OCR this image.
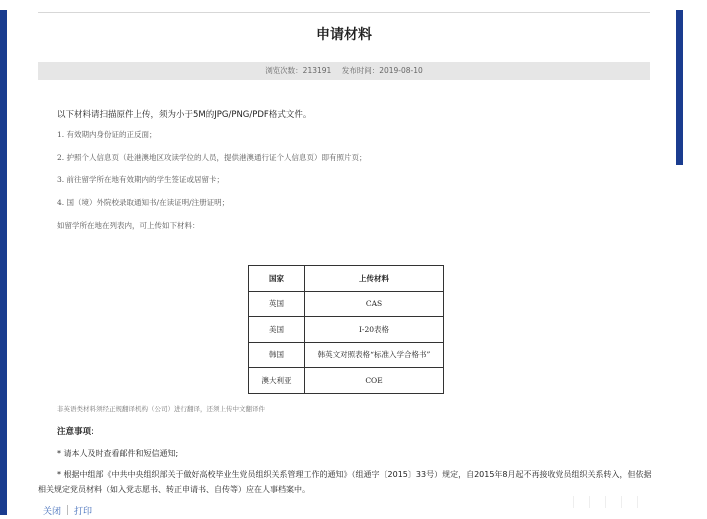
申请材料
浏览次数：213191 发布时间：2019-08-10
以下材料请扫描原件上传，须为小于5M的JPG/PNG/PDF格式文件。
1. 有效期内身份证的正反面；
2. 护照个人信息页（赴港澳地区攻读学位的人员，提供港澳通行证个人信息页）即有照片页；
3. 前往留学所在地有效期内的学生签证或居留卡；
4. 国（境）外院校录取通知书/在读证明/注册证明；
如留学所在地在列表内，可上传如下材料：
国家	上传材料
英国	CAS
美国	I-20表格
韩国	韩英文对照表格“标准入学合格书”
澳大利亚	COE
非英语类材料须经正规翻译机构（公司）进行翻译，还须上传中文翻译件
注意事项:
* 请本人及时查看邮件和短信通知;
* 根据中组部《中共中央组织部关于做好高校毕业生党员组织关系管理工作的通知》（组通字〔2015〕33号）规定，自2015年8月起不再接收党员组织关系转入，但依据相关规定党员材料（如入党志愿书、转正申请书、自传等）应在人事档案中。
关闭 打印
